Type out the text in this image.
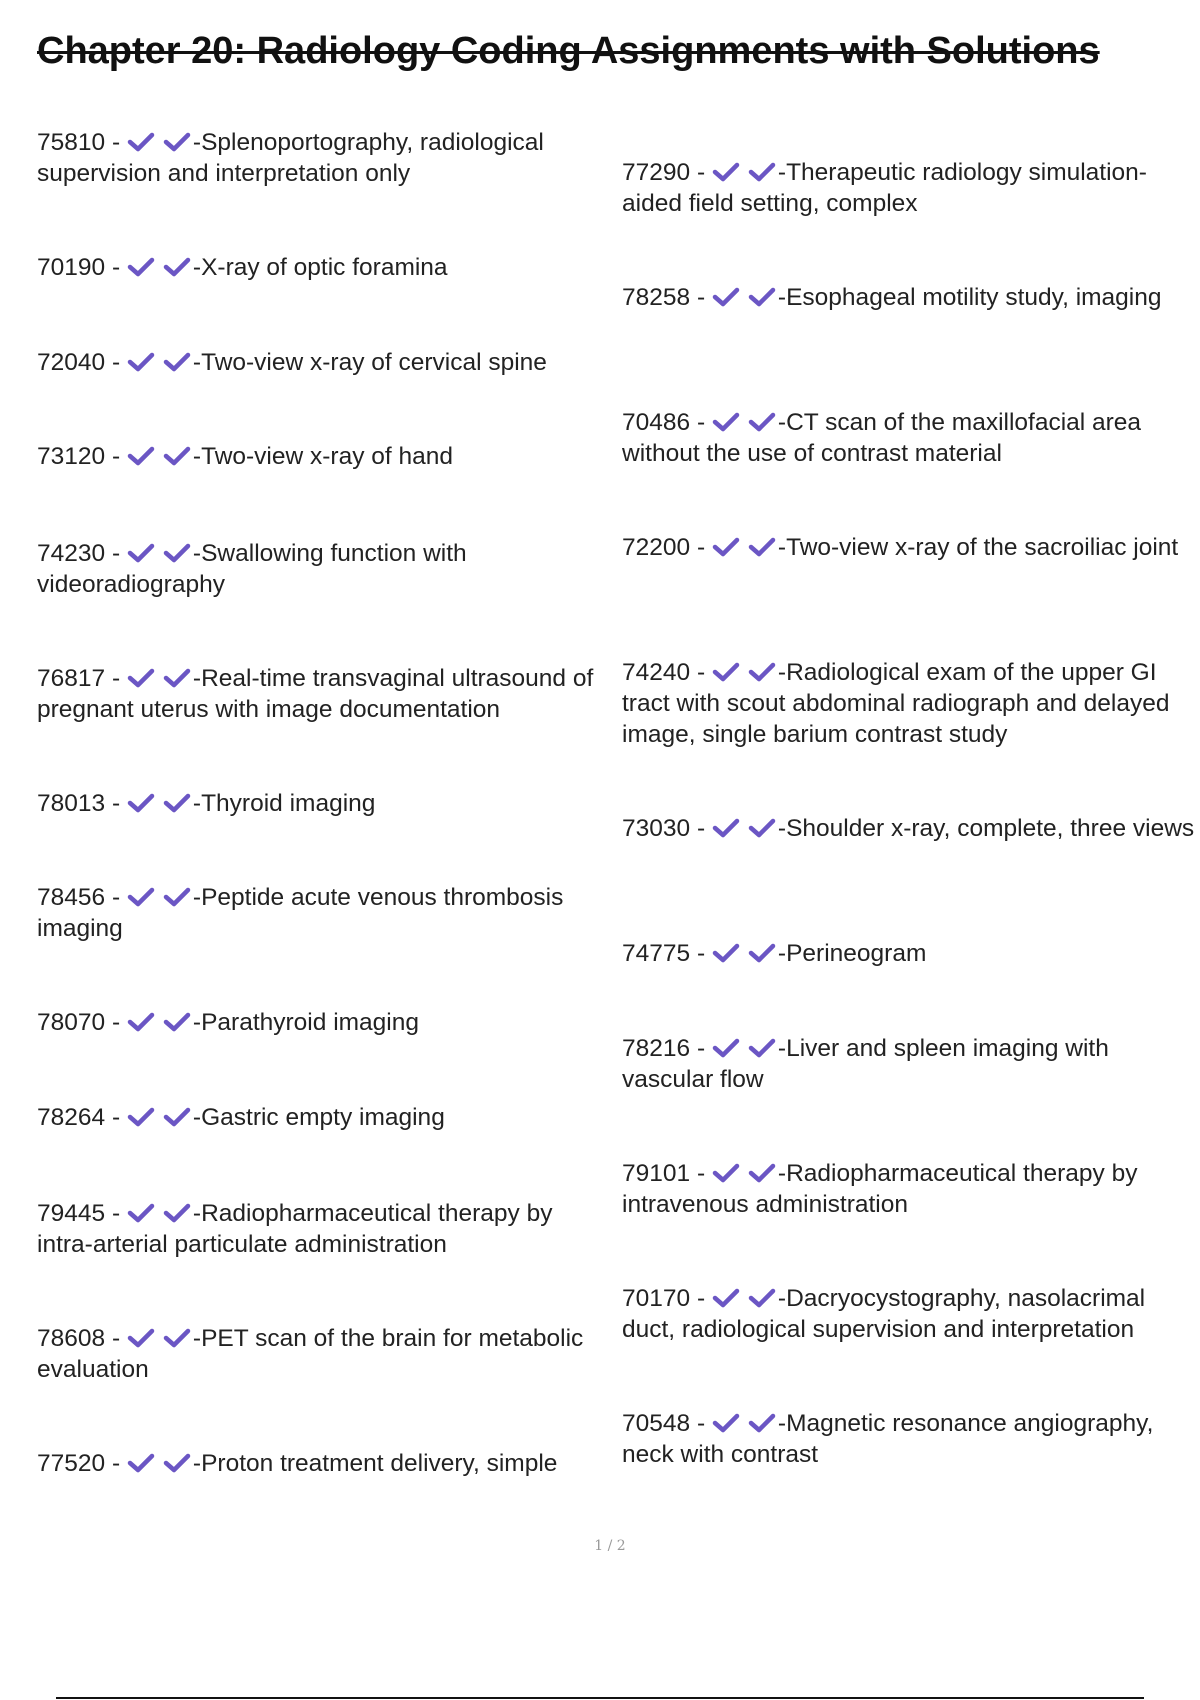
Chapter 20: Radiology Coding Assignments with Solutions
75810 -	-Splenoportography, radiological supervision and interpretation only
70190 -	-X-ray of optic foramina
72040 -	-Two-view x-ray of cervical spine
73120 -	-Two-view x-ray of hand
74230 -	-Swallowing function with videoradiography
76817 -	-Real-time transvaginal ultrasound of pregnant uterus with image documentation
78013 -	-Thyroid imaging
78456 -	-Peptide acute venous thrombosis imaging
78070 -	-Parathyroid imaging
78264 -	-Gastric empty imaging
79445 -	-Radiopharmaceutical therapy by intra-arterial particulate administration
78608 -	-PET scan of the brain for metabolic evaluation
77520 -	-Proton treatment delivery, simple
77290 -	-Therapeutic radiology simulation-aided field setting, complex
78258 -	-Esophageal motility study, imaging
70486 -	-CT scan of the maxillofacial area without the use of contrast material
72200 -	-Two-view x-ray of the sacroiliac joint
74240 -	-Radiological exam of the upper GI tract with scout abdominal radiograph and delayed image, single barium contrast study
73030 -	-Shoulder x-ray, complete, three views
74775 -	-Perineogram
78216 -	-Liver and spleen imaging with vascular flow
79101 -	-Radiopharmaceutical therapy by intravenous administration
70170 -	-Dacryocystography, nasolacrimal duct, radiological supervision and interpretation
70548 -	-Magnetic resonance angiography, neck with contrast
1 / 2
